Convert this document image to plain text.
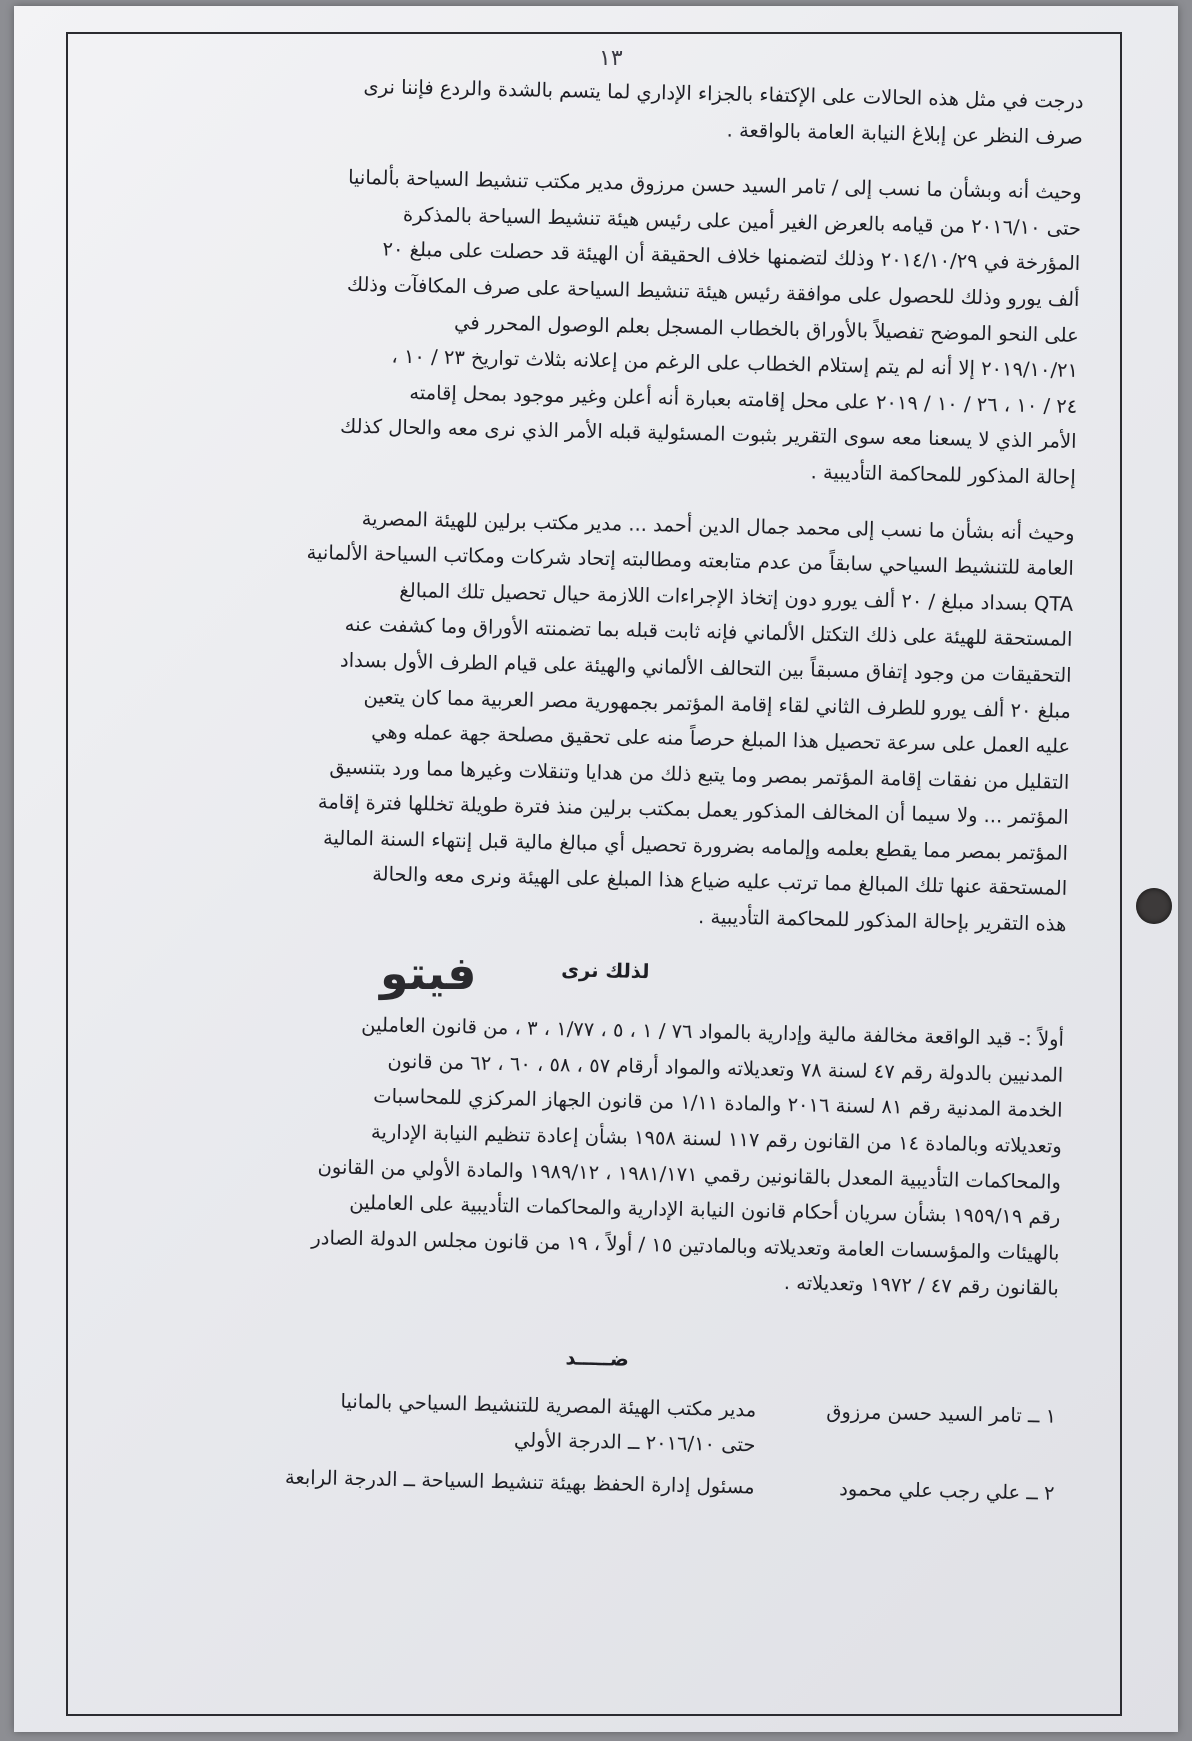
١٣
درجت في مثل هذه الحالات على الإكتفاء بالجزاء الإداري لما يتسم بالشدة والردع فإننا نرى
صرف النظر عن إبلاغ النيابة العامة بالواقعة .
وحيث أنه وبشأن ما نسب إلى / تامر السيد حسن مرزوق مدير مكتب تنشيط السياحة بألمانيا
حتى ٢٠١٦/١٠ من قيامه بالعرض الغير أمين على رئيس هيئة تنشيط السياحة بالمذكرة
المؤرخة في ٢٠١٤/١٠/٢٩ وذلك لتضمنها خلاف الحقيقة أن الهيئة قد حصلت على مبلغ ٢٠
ألف يورو وذلك للحصول على موافقة رئيس هيئة تنشيط السياحة على صرف المكافآت وذلك
على النحو الموضح تفصيلاً بالأوراق بالخطاب المسجل بعلم الوصول المحرر في
٢٠١٩/١٠/٢١ إلا أنه لم يتم إستلام الخطاب على الرغم من إعلانه بثلاث تواريخ ٢٣ / ١٠ ،
٢٤ / ١٠ ، ٢٦ / ١٠ / ٢٠١٩ على محل إقامته بعبارة أنه أعلن وغير موجود بمحل إقامته
الأمر الذي لا يسعنا معه سوى التقرير بثبوت المسئولية قبله الأمر الذي نرى معه والحال كذلك
إحالة المذكور للمحاكمة التأديبية .
وحيث أنه بشأن ما نسب إلى محمد جمال الدين أحمد ... مدير مكتب برلين للهيئة المصرية
العامة للتنشيط السياحي سابقاً من عدم متابعته ومطالبته إتحاد شركات ومكاتب السياحة الألمانية
QTA بسداد مبلغ / ٢٠ ألف يورو دون إتخاذ الإجراءات اللازمة حيال تحصيل تلك المبالغ
المستحقة للهيئة على ذلك التكتل الألماني فإنه ثابت قبله بما تضمنته الأوراق وما كشفت عنه
التحقيقات من وجود إتفاق مسبقاً بين التحالف الألماني والهيئة على قيام الطرف الأول بسداد
مبلغ ٢٠ ألف يورو للطرف الثاني لقاء إقامة المؤتمر بجمهورية مصر العربية مما كان يتعين
عليه العمل على سرعة تحصيل هذا المبلغ حرصاً منه على تحقيق مصلحة جهة عمله وهي
التقليل من نفقات إقامة المؤتمر بمصر وما يتبع ذلك من هدايا وتنقلات وغيرها مما ورد بتنسيق
المؤتمر ... ولا سيما أن المخالف المذكور يعمل بمكتب برلين منذ فترة طويلة تخللها فترة إقامة
المؤتمر بمصر مما يقطع بعلمه وإلمامه بضرورة تحصيل أي مبالغ مالية قبل إنتهاء السنة المالية
المستحقة عنها تلك المبالغ مما ترتب عليه ضياع هذا المبلغ على الهيئة ونرى معه والحالة
هذه التقرير بإحالة المذكور للمحاكمة التأديبية .
لذلك نرى
أولاً :- قيد الواقعة مخالفة مالية وإدارية بالمواد ٧٦ / ١ ، ٥ ، ١/٧٧ ، ٣ ، من قانون العاملين
المدنيين بالدولة رقم ٤٧ لسنة ٧٨ وتعديلاته والمواد أرقام ٥٧ ، ٥٨ ، ٦٠ ، ٦٢ من قانون
الخدمة المدنية رقم ٨١ لسنة ٢٠١٦ والمادة ١/١١ من قانون الجهاز المركزي للمحاسبات
وتعديلاته وبالمادة ١٤ من القانون رقم ١١٧ لسنة ١٩٥٨ بشأن إعادة تنظيم النيابة الإدارية
والمحاكمات التأديبية المعدل بالقانونين رقمي ١٩٨١/١٧١ ، ١٩٨٩/١٢ والمادة الأولي من القانون
رقم ١٩٥٩/١٩ بشأن سريان أحكام قانون النيابة الإدارية والمحاكمات التأديبية على العاملين
بالهيئات والمؤسسات العامة وتعديلاته وبالمادتين ١٥ / أولاً ، ١٩ من قانون مجلس الدولة الصادر
بالقانون رقم ٤٧ / ١٩٧٢ وتعديلاته .
ضـــــد
١ ــ تامر السيد حسن مرزوق
مدير مكتب الهيئة المصرية للتنشيط السياحي بالمانيا
حتى ٢٠١٦/١٠ ــ الدرجة الأولي
٢ ــ علي رجب علي محمود
مسئول إدارة الحفظ بهيئة تنشيط السياحة ــ الدرجة الرابعة
فيتو
